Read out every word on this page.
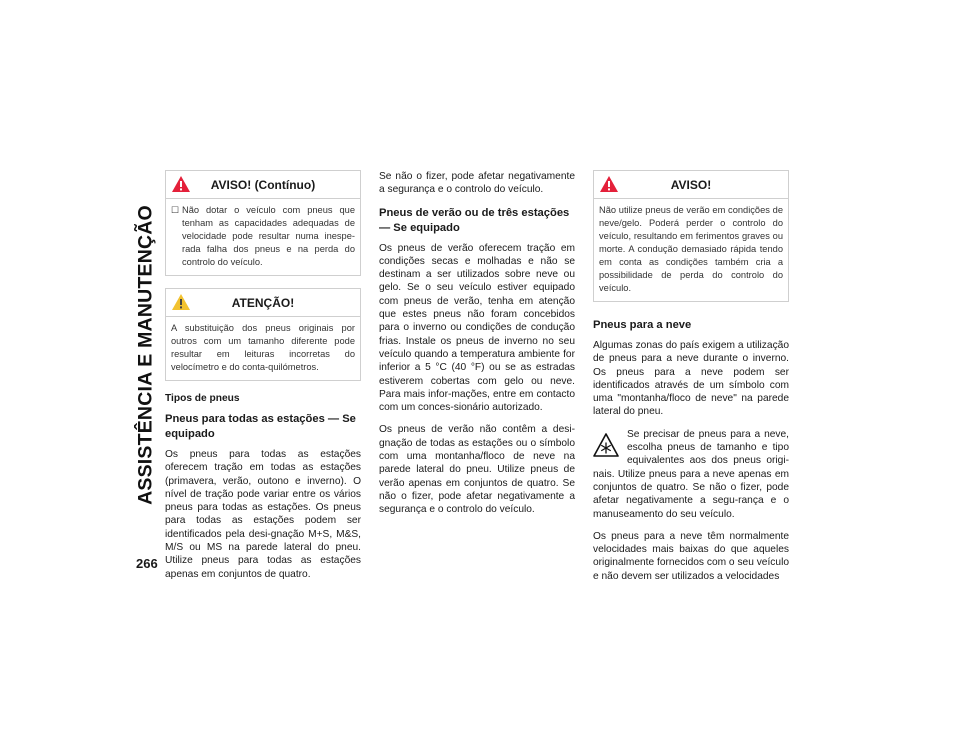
ASSISTÊNCIA E MANUTENÇÃO
266
AVISO! (Contínuo)
☐ Não dotar o veículo com pneus que tenham as capacidades adequadas de velocidade pode resultar numa inespe-rada falha dos pneus e na perda do controlo do veículo.
ATENÇÃO!
A substituição dos pneus originais por outros com um tamanho diferente pode resultar em leituras incorretas do velocímetro e do conta-quilómetros.
Tipos de pneus
Pneus para todas as estações — Se equipado
Os pneus para todas as estações oferecem tração em todas as estações (primavera, verão, outono e inverno). O nível de tração pode variar entre os vários pneus para todas as estações. Os pneus para todas as estações podem ser identificados pela desi-gnação M+S, M&S, M/S ou MS na parede lateral do pneu. Utilize pneus para todas as estações apenas em conjuntos de quatro.
Se não o fizer, pode afetar negativamente a segurança e o controlo do veículo.
Pneus de verão ou de três estações — Se equipado
Os pneus de verão oferecem tração em condições secas e molhadas e não se destinam a ser utilizados sobre neve ou gelo. Se o seu veículo estiver equipado com pneus de verão, tenha em atenção que estes pneus não foram concebidos para o inverno ou condições de condução frias. Instale os pneus de inverno no seu veículo quando a temperatura ambiente for inferior a 5 °C (40 °F) ou se as estradas estiverem cobertas com gelo ou neve. Para mais infor-mações, entre em contacto com um conces-sionário autorizado.
Os pneus de verão não contêm a desi-gnação de todas as estações ou o símbolo com uma montanha/floco de neve na parede lateral do pneu. Utilize pneus de verão apenas em conjuntos de quatro. Se não o fizer, pode afetar negativamente a segurança e o controlo do veículo.
AVISO!
Não utilize pneus de verão em condições de neve/gelo. Poderá perder o controlo do veículo, resultando em ferimentos graves ou morte. A condução demasiado rápida tendo em conta as condições também cria a possibilidade de perda do controlo do veículo.
Pneus para a neve
Algumas zonas do país exigem a utilização de pneus para a neve durante o inverno. Os pneus para a neve podem ser identificados através de um símbolo com uma "montanha/floco de neve" na parede lateral do pneu.
Se precisar de pneus para a neve, escolha pneus de tamanho e tipo equivalentes aos dos pneus origi-nais. Utilize pneus para a neve apenas em conjuntos de quatro. Se não o fizer, pode afetar negativamente a segu-rança e o manuseamento do seu veículo.
Os pneus para a neve têm normalmente velocidades mais baixas do que aqueles originalmente fornecidos com o seu veículo e não devem ser utilizados a velocidades
